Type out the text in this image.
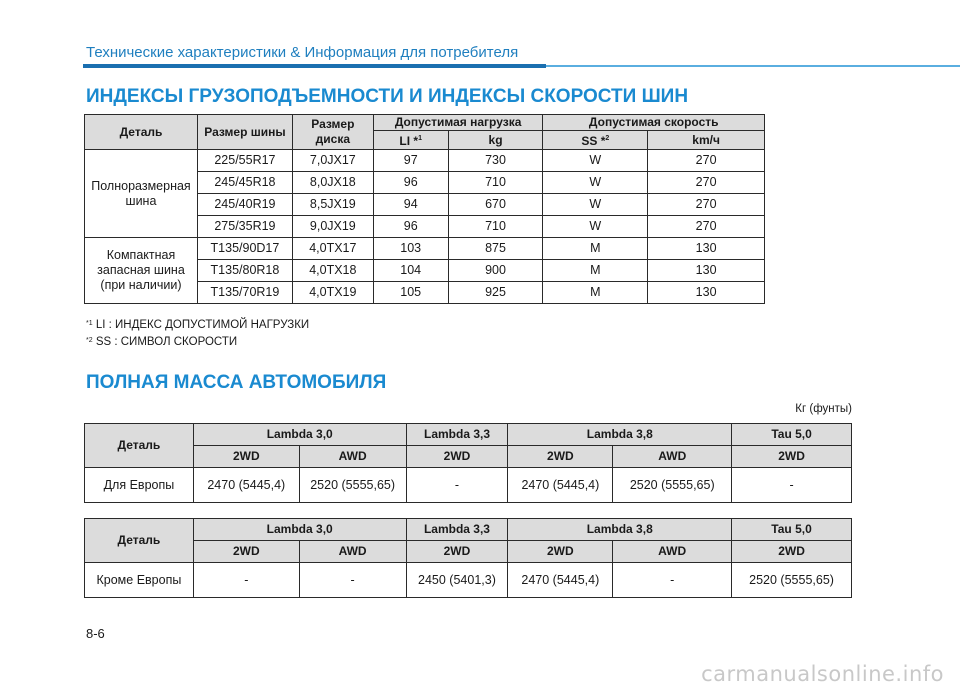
Технические характеристики & Информация для потребителя
ИНДЕКСЫ ГРУЗОПОДЪЕМНОСТИ И ИНДЕКСЫ СКОРОСТИ ШИН
Деталь	Размер шины	Размер диска	Допустимая нагрузка		Допустимая скорость	
			LI *$^1$	kg	SS *$^2$	km/ч
Полноразмерная шина	225/55R17	7,0JX17	97	730	W	270
	245/45R18	8,0JX18	96	710	W	270
	245/40R19	8,5JX19	94	670	W	270
	275/35R19	9,0JX19	96	710	W	270
Компактная запасная шина (при наличии)	T135/90D17	4,0TX17	103	875	M	130
	T135/80R18	4,0TX18	104	900	M	130
	T135/70R19	4,0TX19	105	925	M	130
$^{*1}$ LI : ИНДЕКС ДОПУСТИМОЙ НАГРУЗКИ
$^{*2}$ SS : СИМВОЛ СКОРОСТИ
ПОЛНАЯ МАССА АВТОМОБИЛЯ
Кг (фунты)
Деталь	Lambda 3,0		Lambda 3,3	Lambda 3,8		Tau 5,0
	2WD	AWD	2WD	2WD	AWD	2WD
Для Европы	2470 (5445,4)	2520 (5555,65)	-	2470 (5445,4)	2520 (5555,65)	-
Деталь	Lambda 3,0		Lambda 3,3	Lambda 3,8		Tau 5,0
	2WD	AWD	2WD	2WD	AWD	2WD
Кроме Европы	-	-	2450 (5401,3)	2470 (5445,4)	-	2520 (5555,65)
8-6
carmanualsonline.info
